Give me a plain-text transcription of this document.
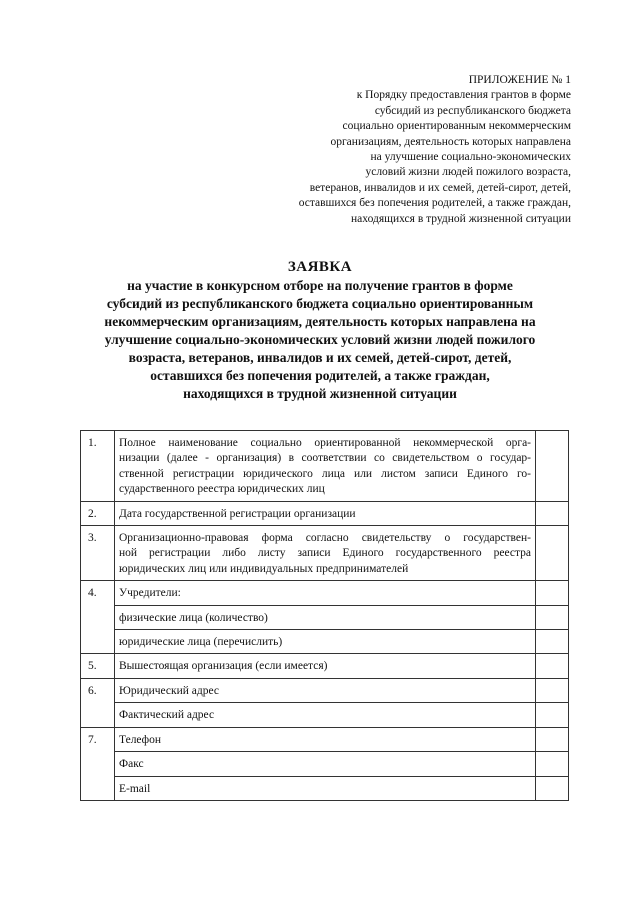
ПРИЛОЖЕНИЕ № 1
к Порядку предоставления грантов в форме
субсидий из республиканского бюджета
социально ориентированным некоммерческим
организациям, деятельность которых направлена
на улучшение социально-экономических
условий жизни людей пожилого возраста,
ветеранов, инвалидов и их семей, детей-сирот, детей,
оставшихся без попечения родителей, а также граждан,
находящихся в трудной жизненной ситуации
ЗАЯВКА
на участие в конкурсном отборе на получение грантов в форме
субсидий из республиканского бюджета социально ориентированным
некоммерческим организациям, деятельность которых направлена на
улучшение социально-экономических условий жизни людей пожилого
возраста, ветеранов, инвалидов и их семей, детей-сирот, детей,
оставшихся без попечения родителей, а также граждан,
находящихся в трудной жизненной ситуации
1.	Полное наименование социально ориентированной некоммерческой орга-
низации (далее - организация) в соответствии со свидетельством о государ-
ственной регистрации юридического лица или листом записи Единого го-
сударственного реестра юридических лиц	

2.	Дата государственной регистрации организации	
3.	Организационно-правовая форма согласно свидетельству о государствен-
ной регистрации либо листу записи Единого государственного реестра
юридических лиц или индивидуальных предпринимателей	

4.	Учредители:	
	физические лица (количество)	
	юридические лица (перечислить)	
5.	Вышестоящая организация (если имеется)	
6.	Юридический адрес	
	Фактический адрес	
7.	Телефон	
	Факс	
	E-mail	
